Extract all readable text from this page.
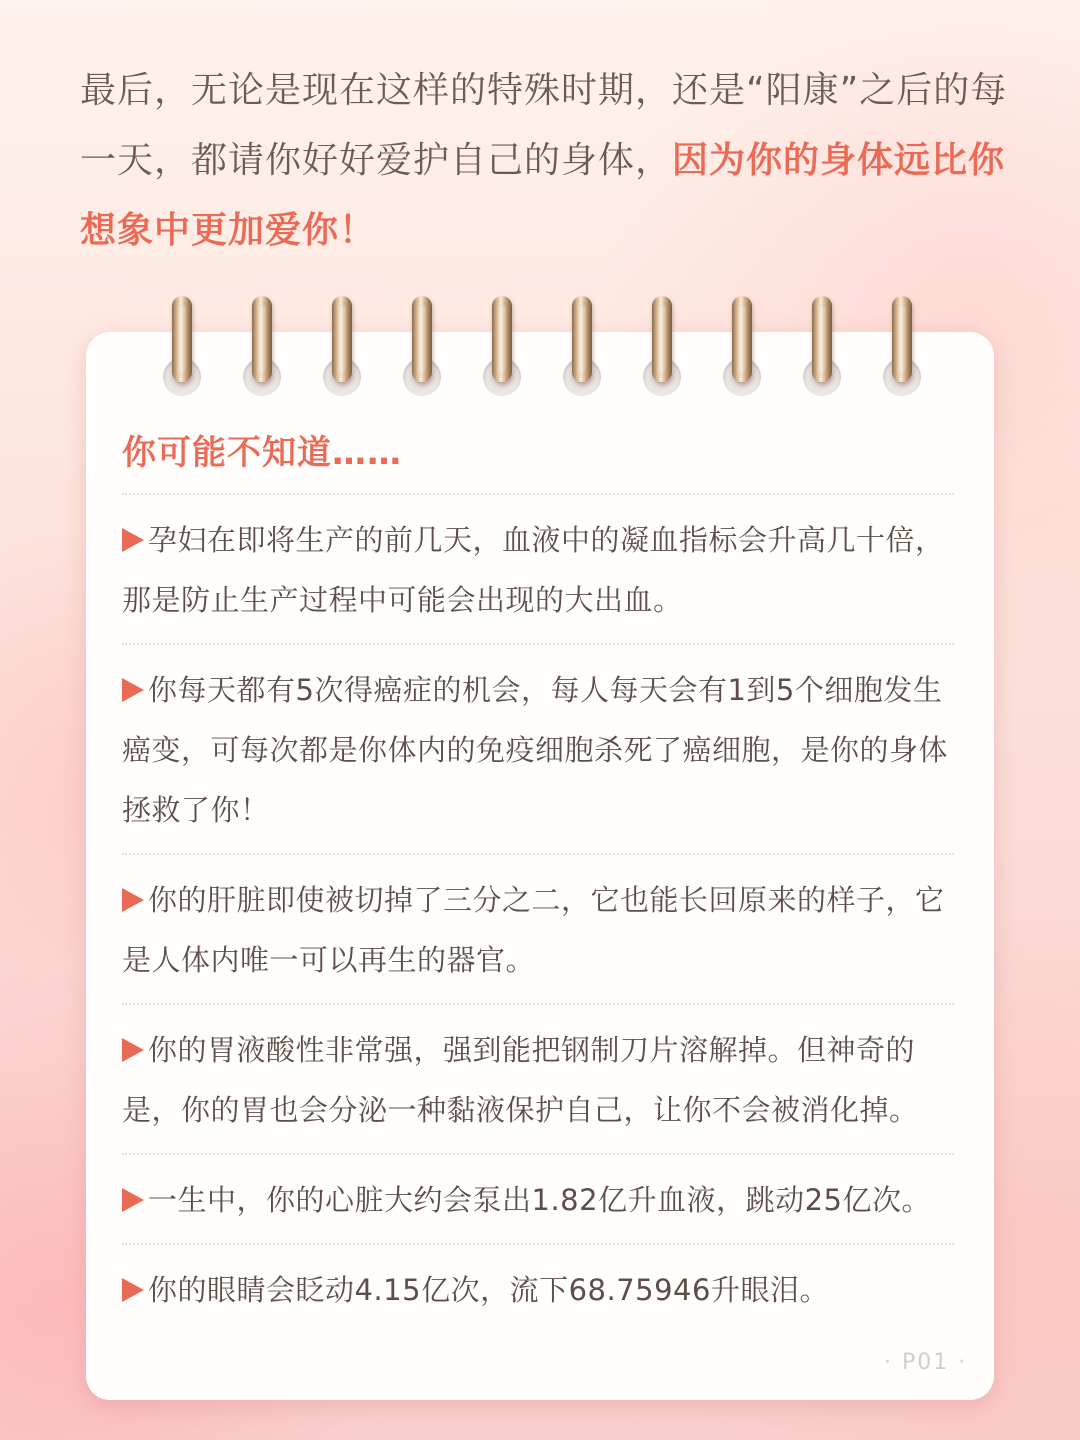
最后，无论是现在这样的特殊时期，还是“阳康”之后的每一天，都请你好好爱护自己的身体，因为你的身体远比你想象中更加爱你！

你可能不知道……

孕妇在即将生产的前几天，血液中的凝血指标会升高几十倍，那是防止生产过程中可能会出现的大出血。

你每天都有5次得癌症的机会，每人每天会有1到5个细胞发生癌变，可每次都是你体内的免疫细胞杀死了癌细胞，是你的身体拯救了你！

你的肝脏即使被切掉了三分之二，它也能长回原来的样子，它是人体内唯一可以再生的器官。

你的胃液酸性非常强，强到能把钢制刀片溶解掉。但神奇的是，你的胃也会分泌一种黏液保护自己，让你不会被消化掉。

一生中，你的心脏大约会泵出1.82亿升血液，跳动25亿次。

你的眼睛会眨动4.15亿次，流下68.75946升眼泪。

· P01 ·
